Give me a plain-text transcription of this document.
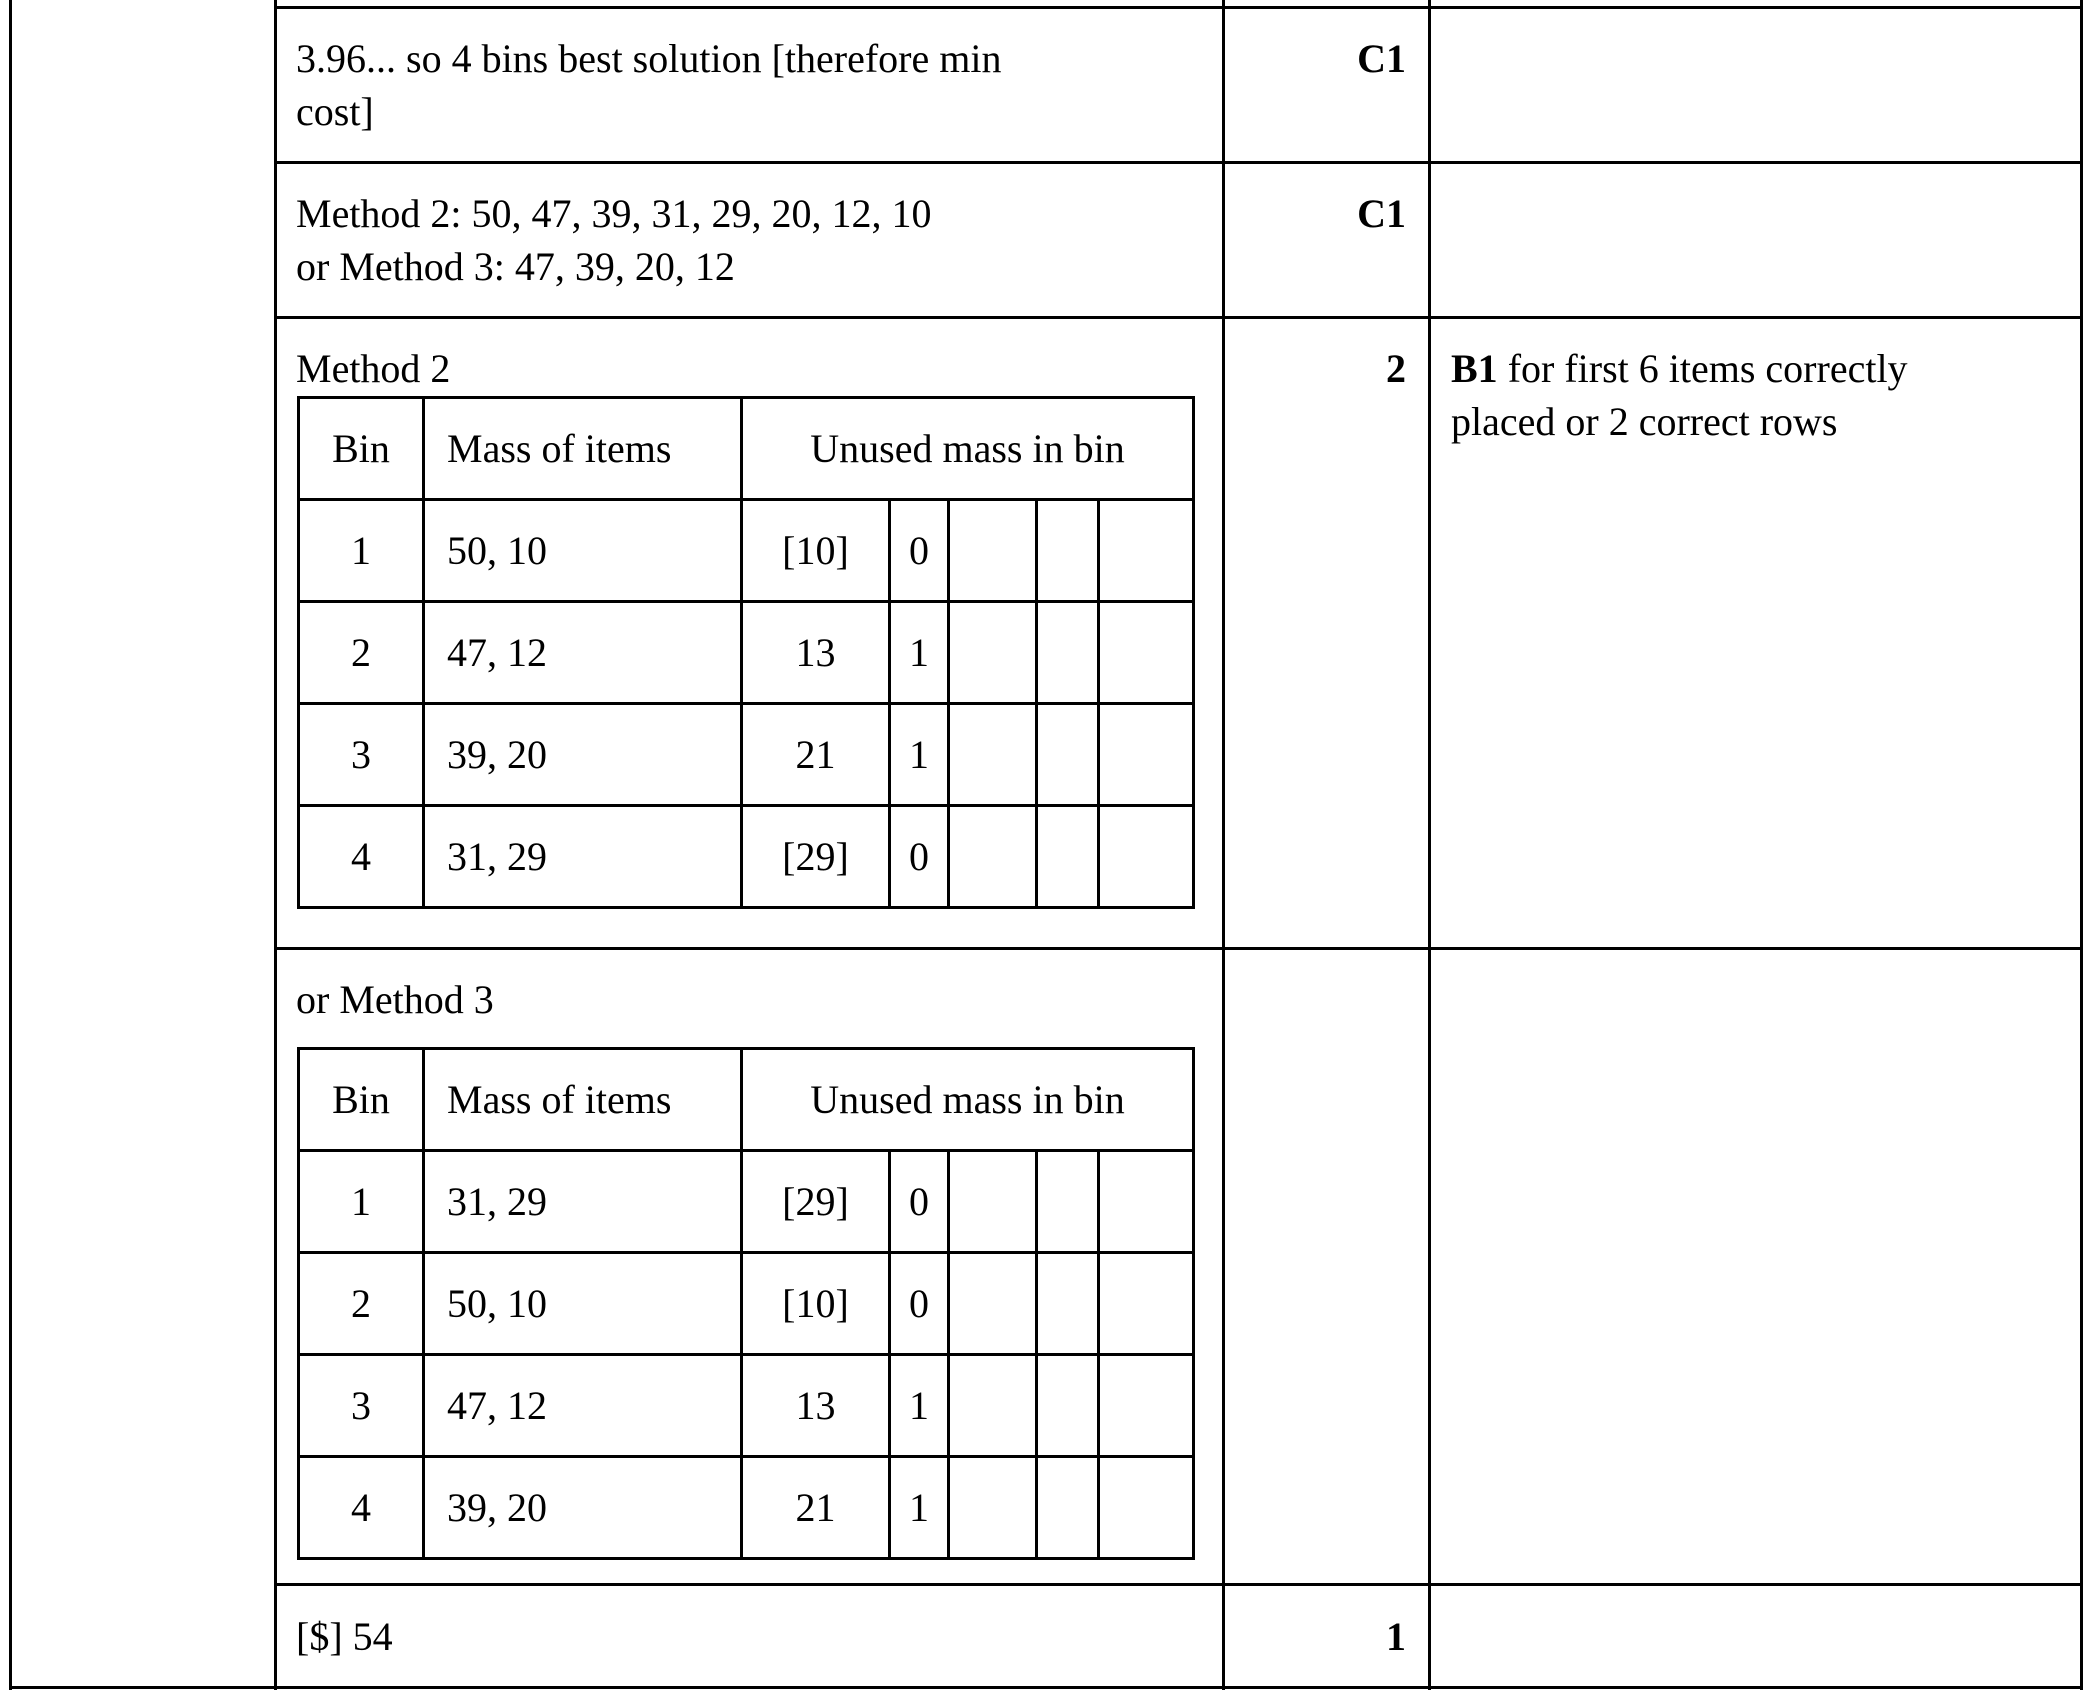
3.96... so 4 bins best solution [therefore min
cost]
C1
Method 2: 50, 47, 39, 31, 29, 20, 12, 10
or Method 3: 47, 39, 20, 12
C1
Method 2	2 B1 for first 6 items correctly
placed or 2 correct rows
Bin	Mass of items	Unused mass in bin				
1	50, 10	[10]	0			
2	47, 12	13	1			
3	39, 20	21	1			
4	31, 29	[29]	0			
or Method 3
Bin	Mass of items	Unused mass in bin				
1	31, 29	[29]	0			
2	50, 10	[10]	0			
3	47, 12	13	1			
4	39, 20	21	1			
[$] 54	1
